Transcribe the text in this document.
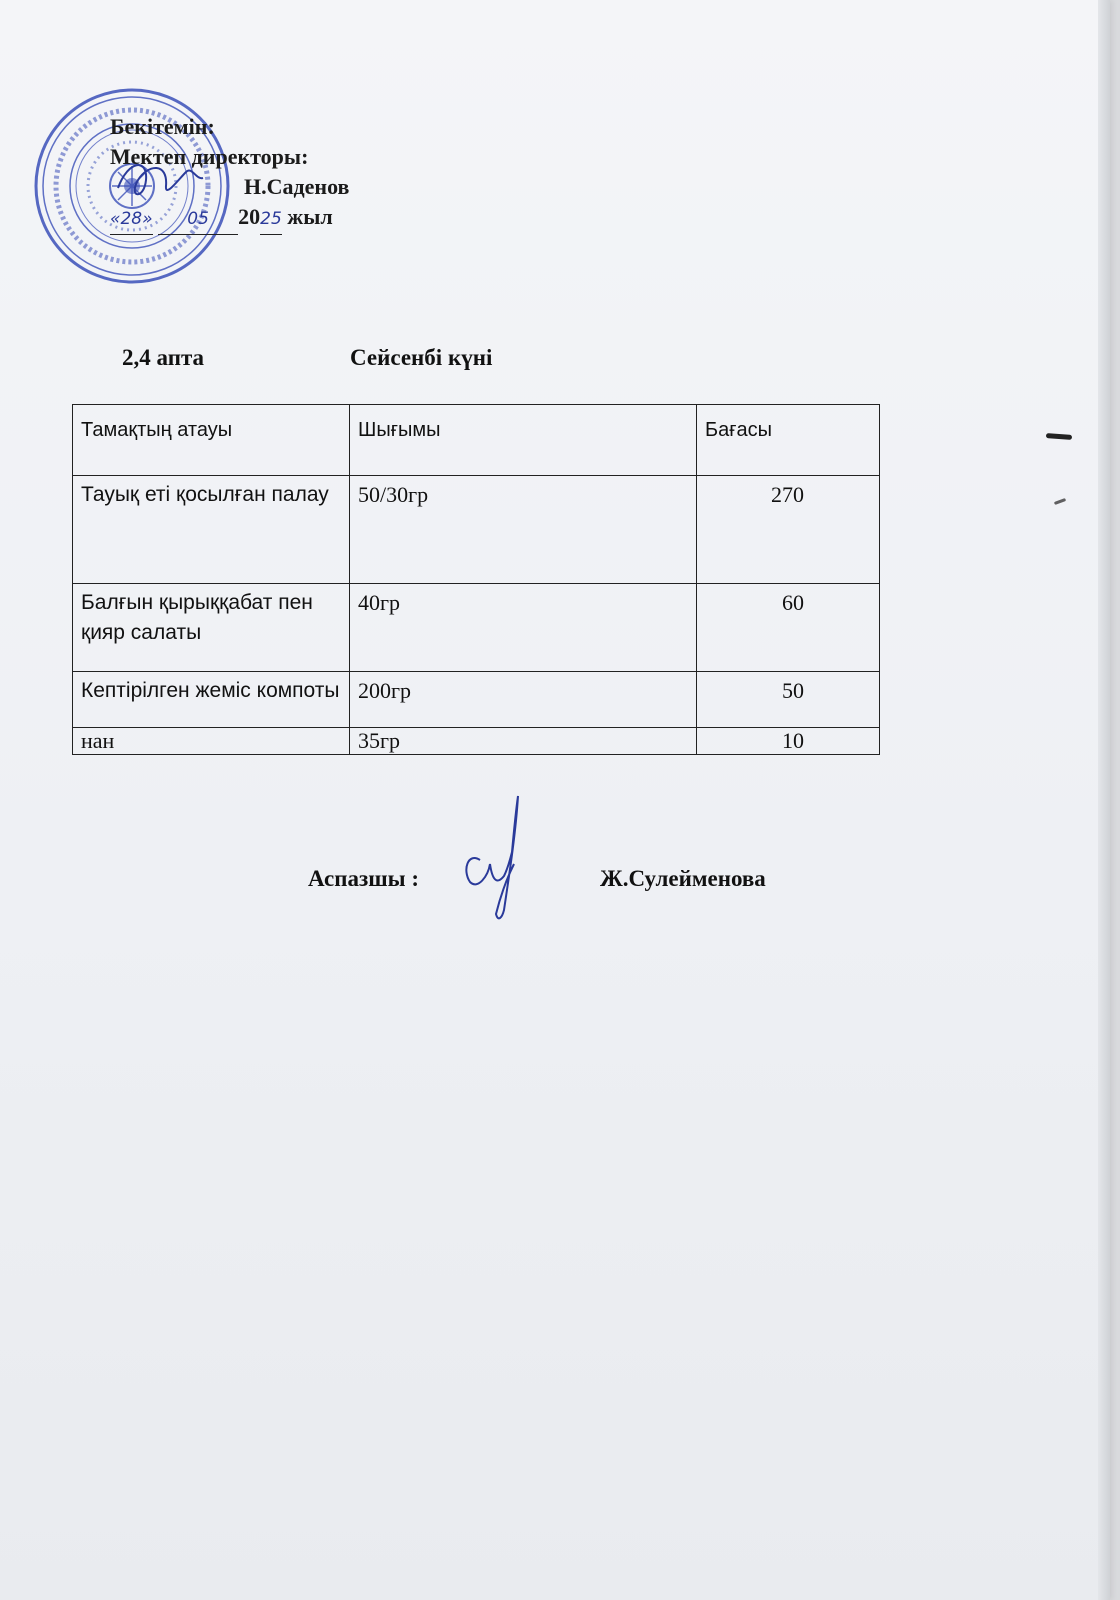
Бекітемін:
Мектеп директоры:
Н.Саденов
«28» 05 2025 жыл
2,4 апта	Сейсенбі күні
Тамақтың атауы	Шығымы	Бағасы
Тауық еті қосылған палау	50/30гр	270
Балғын қырыққабат пен қияр салаты	40гр	60
Кептірілген жеміс компоты	200гр	50
нан	35гр	10
Аспазшы :	Ж.Сулейменова
